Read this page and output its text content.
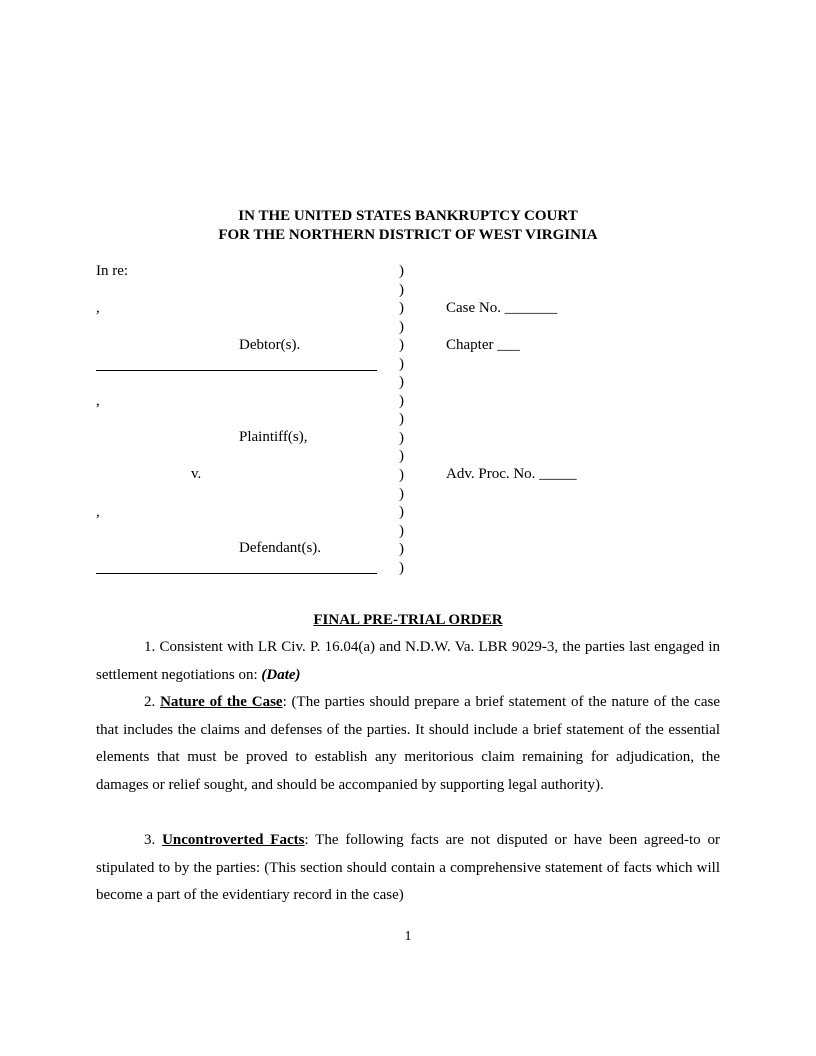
IN THE UNITED STATES BANKRUPTCY COURT
FOR THE NORTHERN DISTRICT OF WEST VIRGINIA
In re:
,
Debtor(s).
,
Plaintiff(s),
v.
,
Defendant(s).
)
)
)
)
)
)
)
)
)
)
)
)
)
)
)
)
)
Case No. _______
Chapter ___
Adv. Proc. No. _____
FINAL PRE-TRIAL ORDER
1. Consistent with LR Civ. P. 16.04(a) and N.D.W. Va. LBR 9029-3, the parties last engaged in settlement negotiations on: (Date)
2. Nature of the Case: (The parties should prepare a brief statement of the nature of the case that includes the claims and defenses of the parties. It should include a brief statement of the essential elements that must be proved to establish any meritorious claim remaining for adjudication, the damages or relief sought, and should be accompanied by supporting legal authority).
3. Uncontroverted Facts: The following facts are not disputed or have been agreed-to or stipulated to by the parties: (This section should contain a comprehensive statement of facts which will become a part of the evidentiary record in the case)
1
